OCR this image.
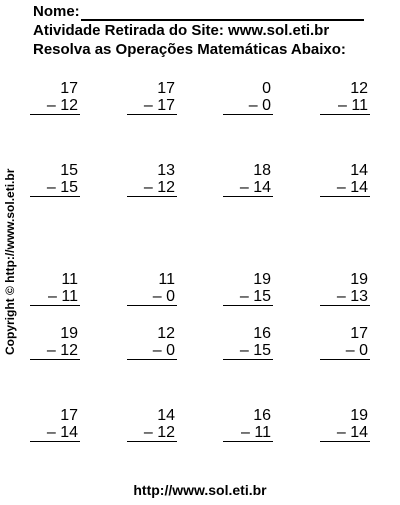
Nome:
Atividade Retirada do Site: www.sol.eti.br
Resolva as Operações Matemáticas Abaixo:
Copyright © http://www.sol.eti.br
17
– 12
17
– 17
0
– 0
12
– 11
15
– 15
13
– 12
18
– 14
14
– 14
11
– 11
11
– 0
19
– 15
19
– 13
19
– 12
12
– 0
16
– 15
17
– 0
17
– 14
14
– 12
16
– 11
19
– 14
http://www.sol.eti.br
